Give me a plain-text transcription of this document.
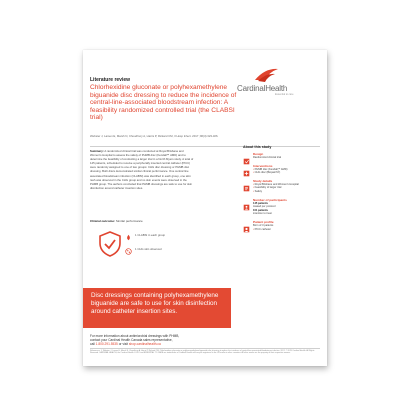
CardinalHealth
Essential to care
Literature review
Chlorhexidine gluconate or polyhexamethylene biguanide disc dressing to reduce the incidence of central-line-associated bloodstream infection: A feasibility randomized controlled trial (the CLABSI trial)
Webster J, Larsen E, Marsh N, Choudhury A, Harris P, Rickard CM, 3 Hosp Infect. 2017 ;96(4):323-326.
Summary: A randomized clinical trial was conducted at Royal Brisbane and Women's Hospital to assess the safety of PHMB disc (Kendall™ AMD) and to determine the feasibility of conducting a larger trial in a North Myers study. A total of 145 patients, scheduled to receive a peripherally inserted central catheter (PICC) were randomly assigned to one of two groups: CHG disc dressing or PHMB disc dressing. Both discs demonstrated similar clinical performance. One central line associated bloodstream infection (CLABSI) was identified in each group, one skin rash was observed in the CHG group and no skin events were observed in the PHMB group. The authors concluded that PHMB dressings are safe to use for skin disinfection around catheter insertion sites.
Clinical outcome: Similar performance
1 CLABSI in each group
1 CHG skin observed
Disc dressings containing polyhexamethylene biguanide are safe to use for skin disinfection around catheter insertion sites.
For more information about antimicrobial dressings with PHMB,
contact your Cardinal Health Canada sales representative,
call 1.800.291.5535 or visit shop.cardinalhealth.ca
References: 1. Webster J, Larsen E, Marsh N, Choudhury A, Harris P, Rickard CM. Chlorhexidine gluconate or polyhexamethylene biguanide disc dressing to reduce the incidence of central-line-associated bloodstream infection. 2017. © 2019 Cardinal Health. All Rights Reserved. CARDINAL HEALTH, the Cardinal Health LOGO and ESSENTIAL TO CARE are trademarks of Cardinal Health and may be registered in the US and/or in other countries. All other marks are the property of their respective owners.
About this study
Design
Randomized clinical trial
Interventions
• PHMB disc (Kendall™ AMD)
• CHG disc (Biopatch®)
Study details
• Royal Brisbane and Women's Hospital
• Feasibility of larger trial
• Safety
Number of participants
145 patients
treated per protocol
101 patients
intention to treat
Patient profile
Born of 3 patients
• PICC catheter
